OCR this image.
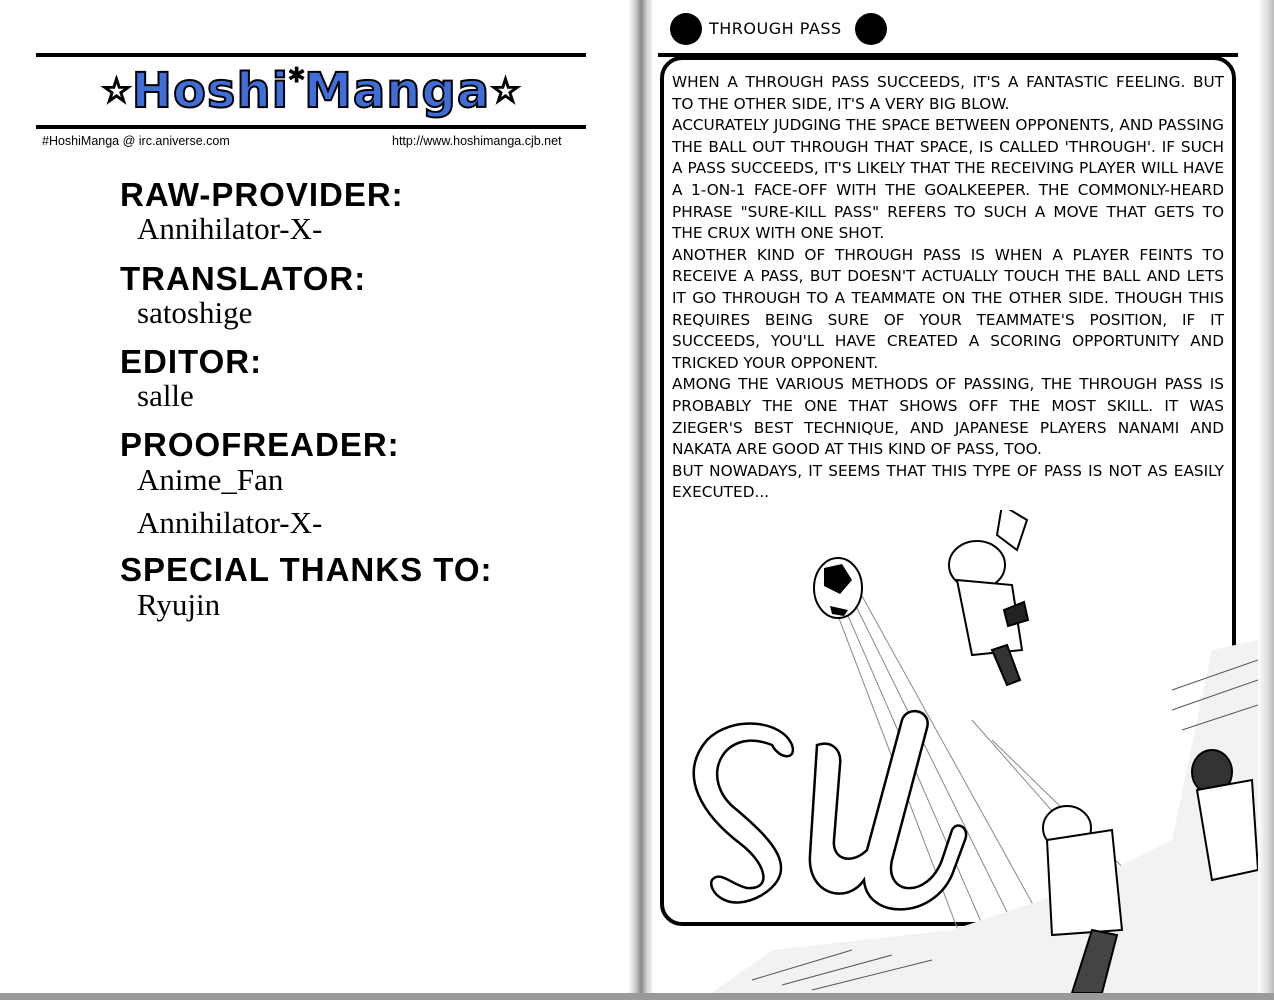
☆Hoshi*Manga☆
#HoshiManga @ irc.aniverse.com	http://www.hoshimanga.cjb.net
RAW-PROVIDER:
Annihilator-X-
TRANSLATOR:
satoshige
EDITOR:
salle
PROOFREADER:
Anime_Fan
Annihilator-X-
SPECIAL THANKS TO:
Ryujin
THROUGH PASS

WHEN A THROUGH PASS SUCCEEDS, IT'S A FANTASTIC FEELING. BUT TO THE OTHER SIDE, IT'S A VERY BIG BLOW.

ACCURATELY JUDGING THE SPACE BETWEEN OPPONENTS, AND PASSING THE BALL OUT THROUGH THAT SPACE, IS CALLED 'THROUGH'. IF SUCH A PASS SUCCEEDS, IT'S LIKELY THAT THE RECEIVING PLAYER WILL HAVE A 1-ON-1 FACE-OFF WITH THE GOALKEEPER. THE COMMONLY-HEARD PHRASE "SURE-KILL PASS" REFERS TO SUCH A MOVE THAT GETS TO THE CRUX WITH ONE SHOT.

ANOTHER KIND OF THROUGH PASS IS WHEN A PLAYER FEINTS TO RECEIVE A PASS, BUT DOESN'T ACTUALLY TOUCH THE BALL AND LETS IT GO THROUGH TO A TEAMMATE ON THE OTHER SIDE. THOUGH THIS REQUIRES BEING SURE OF YOUR TEAMMATE'S POSITION, IF IT SUCCEEDS, YOU'LL HAVE CREATED A SCORING OPPORTUNITY AND TRICKED YOUR OPPONENT.

AMONG THE VARIOUS METHODS OF PASSING, THE THROUGH PASS IS PROBABLY THE ONE THAT SHOWS OFF THE MOST SKILL. IT WAS ZIEGER'S BEST TECHNIQUE, AND JAPANESE PLAYERS NANAMI AND NAKATA ARE GOOD AT THIS KIND OF PASS, TOO.

BUT NOWADAYS, IT SEEMS THAT THIS TYPE OF PASS IS NOT AS EASILY EXECUTED...
